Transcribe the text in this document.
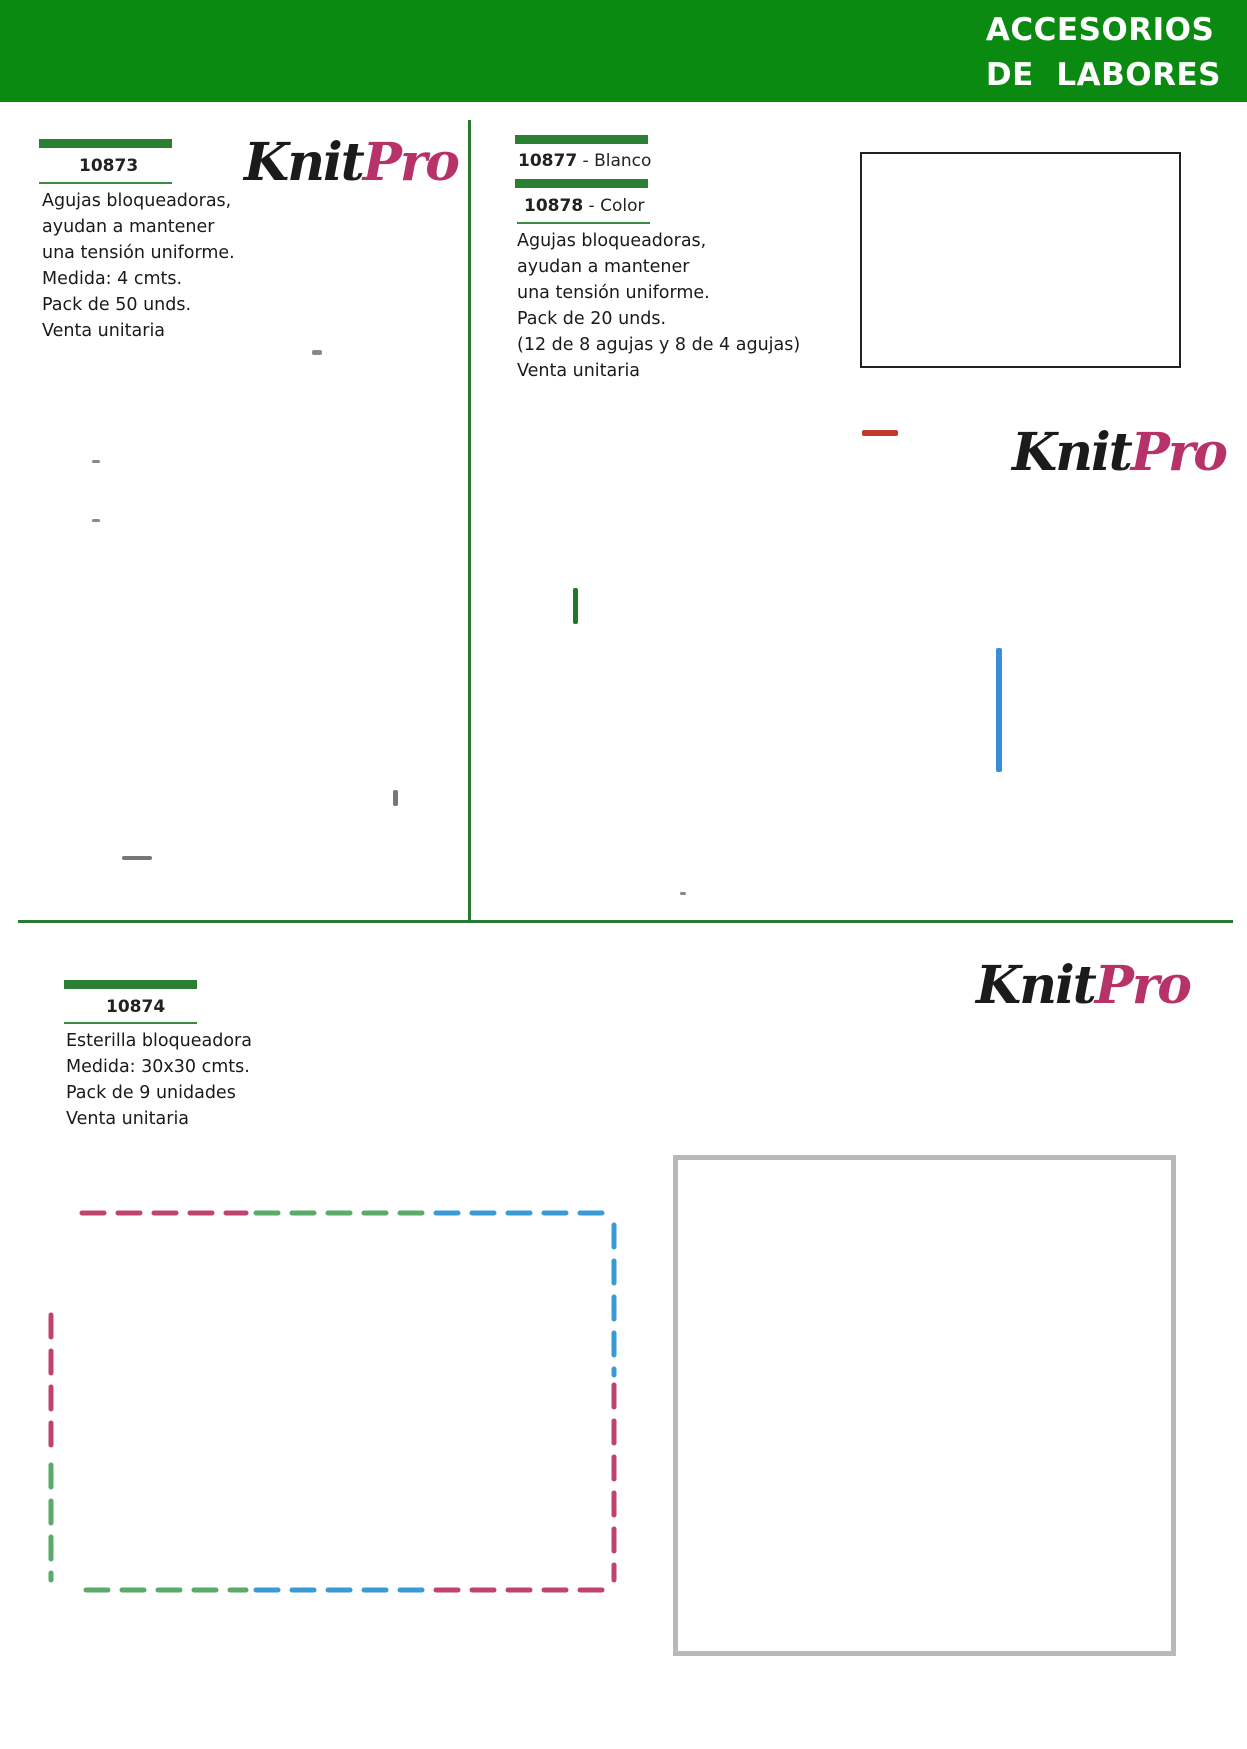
ACCESORIOS
DE  LABORES
10873
Agujas bloqueadoras,
ayudan a mantener
una tensión uniforme.
Medida: 4 cmts.
Pack de 50 unds.
Venta unitaria
KnitPro	10877 - Blanco
10878 - Color
Agujas bloqueadoras,
ayudan a mantener
una tensión uniforme.
Pack de 20 unds.
(12 de 8 agujas y 8 de 4 agujas)
Venta unitaria
KnitPro
10874
Esterilla bloqueadora
Medida: 30x30 cmts.
Pack de 9 unidades
Venta unitaria
KnitPro
